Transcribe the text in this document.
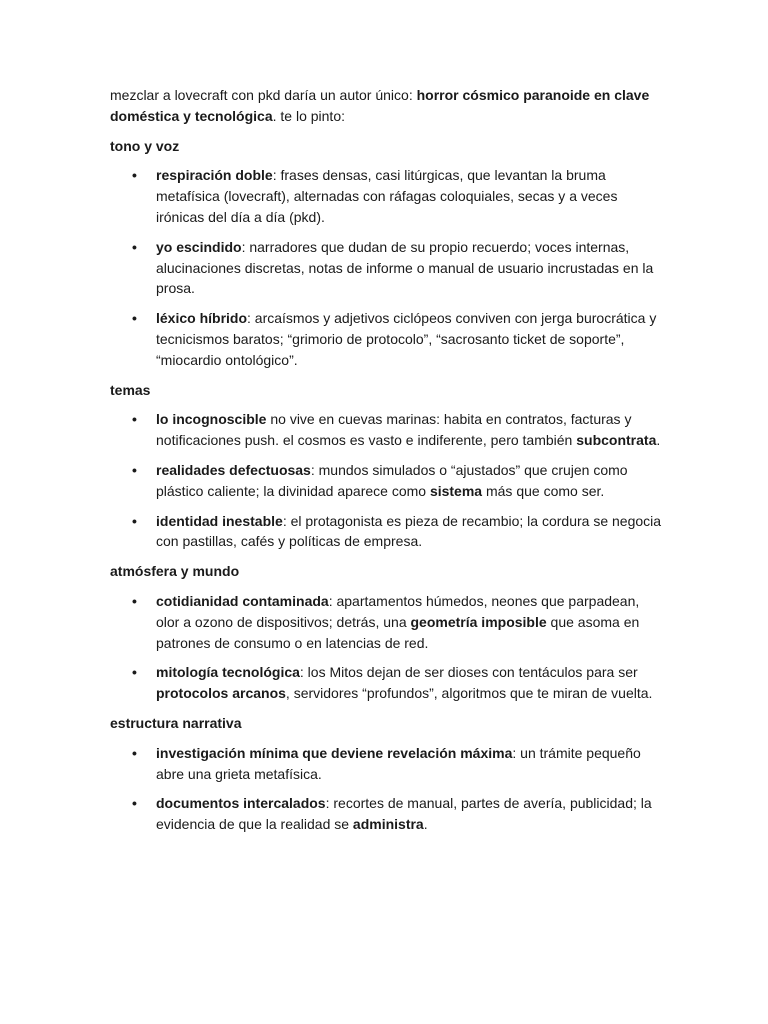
mezclar a lovecraft con pkd daría un autor único: horror cósmico paranoide en clave doméstica y tecnológica. te lo pinto:

tono y voz
• respiración doble: frases densas, casi litúrgicas, que levantan la bruma metafísica (lovecraft), alternadas con ráfagas coloquiales, secas y a veces irónicas del día a día (pkd).
• yo escindido: narradores que dudan de su propio recuerdo; voces internas, alucinaciones discretas, notas de informe o manual de usuario incrustadas en la prosa.
• léxico híbrido: arcaísmos y adjetivos ciclópeos conviven con jerga burocrática y tecnicismos baratos; “grimorio de protocolo”, “sacrosanto ticket de soporte”, “miocardio ontológico”.
temas
• lo incognoscible no vive en cuevas marinas: habita en contratos, facturas y notificaciones push. el cosmos es vasto e indiferente, pero también subcontrata.
• realidades defectuosas: mundos simulados o “ajustados” que crujen como plástico caliente; la divinidad aparece como sistema más que como ser.
• identidad inestable: el protagonista es pieza de recambio; la cordura se negocia con pastillas, cafés y políticas de empresa.
atmósfera y mundo
• cotidianidad contaminada: apartamentos húmedos, neones que parpadean, olor a ozono de dispositivos; detrás, una geometría imposible que asoma en patrones de consumo o en latencias de red.
• mitología tecnológica: los Mitos dejan de ser dioses con tentáculos para ser protocolos arcanos, servidores “profundos”, algoritmos que te miran de vuelta.
estructura narrativa
• investigación mínima que deviene revelación máxima: un trámite pequeño abre una grieta metafísica.
• documentos intercalados: recortes de manual, partes de avería, publicidad; la evidencia de que la realidad se administra.
